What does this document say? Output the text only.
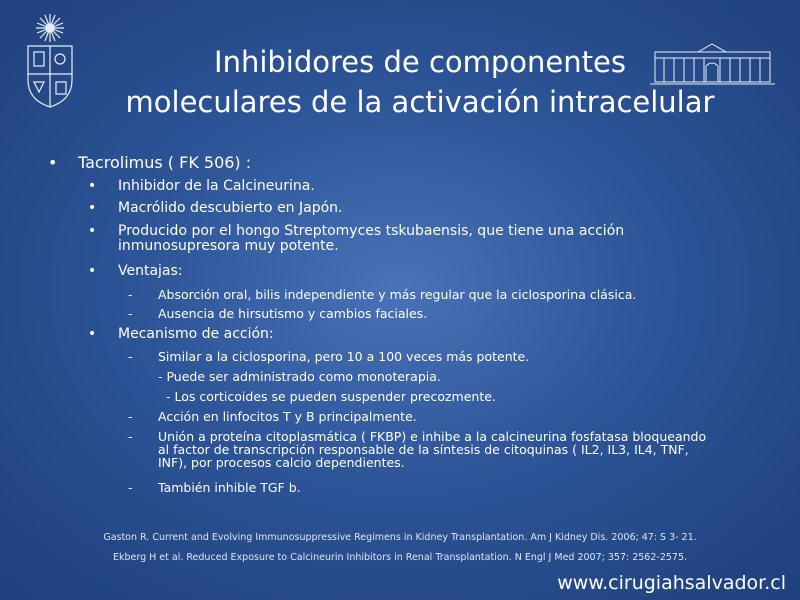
Inhibidores de componentes
moleculares de la activación intracelular
• Tacrolimus ( FK 506) :
• Inhibidor de la Calcineurina.
• Macrólido descubierto en Japón.
• Producido por el hongo Streptomyces tskubaensis, que tiene una acción
inmunosupresora muy potente.
• Ventajas:
- Absorción oral, bilis independiente y más regular que la ciclosporina clásica.
- Ausencia de hirsutismo y cambios faciales.
• Mecanismo de acción:
- Similar a la ciclosporina, pero 10 a 100 veces más potente.
- Puede ser administrado como monoterapia.
- Los corticoides se pueden suspender precozmente.
- Acción en linfocitos T y B principalmente.
- Unión a proteína citoplasmática ( FKBP) e inhibe a la calcineurina fosfatasa bloqueando
al factor de transcripción responsable de la síntesis de citoquinas ( IL2, IL3, IL4, TNF,
INF), por procesos calcio dependientes.
- También inhible TGF b.
Gaston R. Current and Evolving Immunosuppressive Regimens in Kidney Transplantation. Am J Kidney Dis. 2006; 47: S 3- 21.
Ekberg H et al. Reduced Exposure to Calcineurin Inhibitors in Renal Transplantation. N Engl J Med 2007; 357: 2562-2575.
www.cirugiahsalvador.cl
